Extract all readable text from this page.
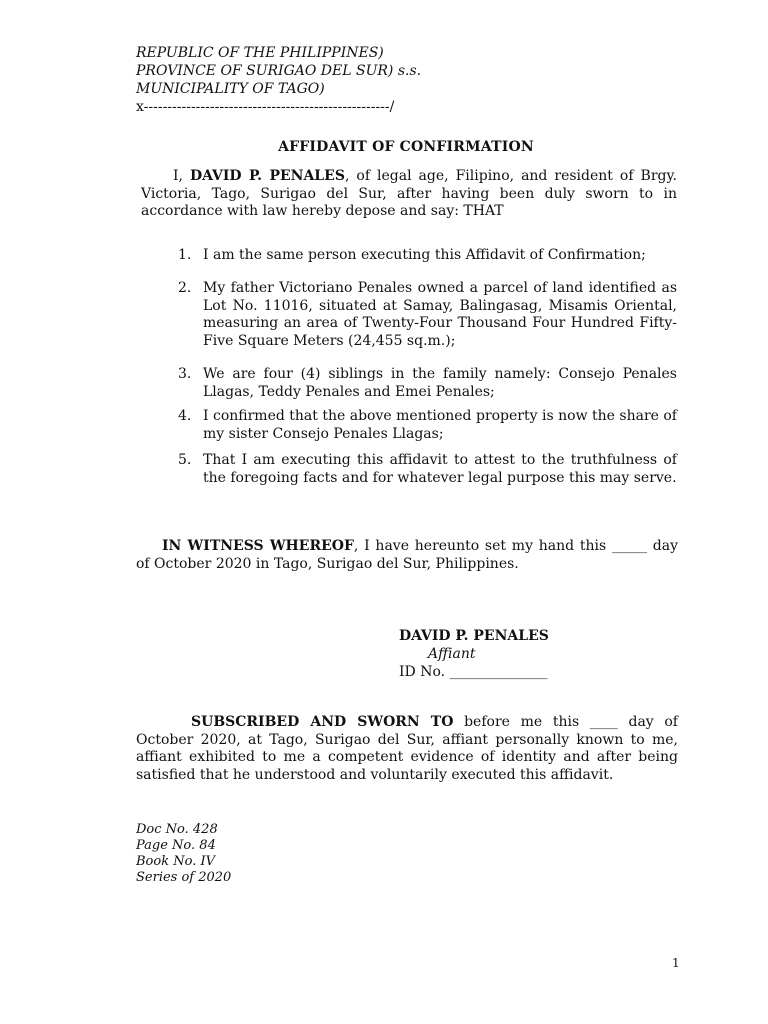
REPUBLIC OF THE PHILIPPINES)
PROVINCE OF SURIGAO DEL SUR) s.s.
MUNICIPALITY OF TAGO)
x----------------------------------------------------/
AFFIDAVIT OF CONFIRMATION
I, DAVID P. PENALES, of legal age, Filipino, and resident of Brgy. Victoria, Tago, Surigao del Sur, after having been duly sworn to in accordance with law hereby depose and say: THAT
1. I am the same person executing this Affidavit of Confirmation;
2. My father Victoriano Penales owned a parcel of land identified as Lot No. 11016, situated at Samay, Balingasag, Misamis Oriental, measuring an area of Twenty-Four Thousand Four Hundred Fifty-Five Square Meters (24,455 sq.m.);
3. We are four (4) siblings in the family namely: Consejo Penales Llagas, Teddy Penales and Emei Penales;
4. I confirmed that the above mentioned property is now the share of my sister Consejo Penales Llagas;
5. That I am executing this affidavit to attest to the truthfulness of the foregoing facts and for whatever legal purpose this may serve.
IN WITNESS WHEREOF, I have hereunto set my hand this _____ day of October 2020 in Tago, Surigao del Sur, Philippines.
DAVID P. PENALES
Affiant
ID No. ______________
SUBSCRIBED AND SWORN TO before me this ____ day of October 2020, at Tago, Surigao del Sur, affiant personally known to me, affiant exhibited to me a competent evidence of identity and after being satisfied that he understood and voluntarily executed this affidavit.
Doc No. 428
Page No. 84
Book No. IV
Series of 2020
1
